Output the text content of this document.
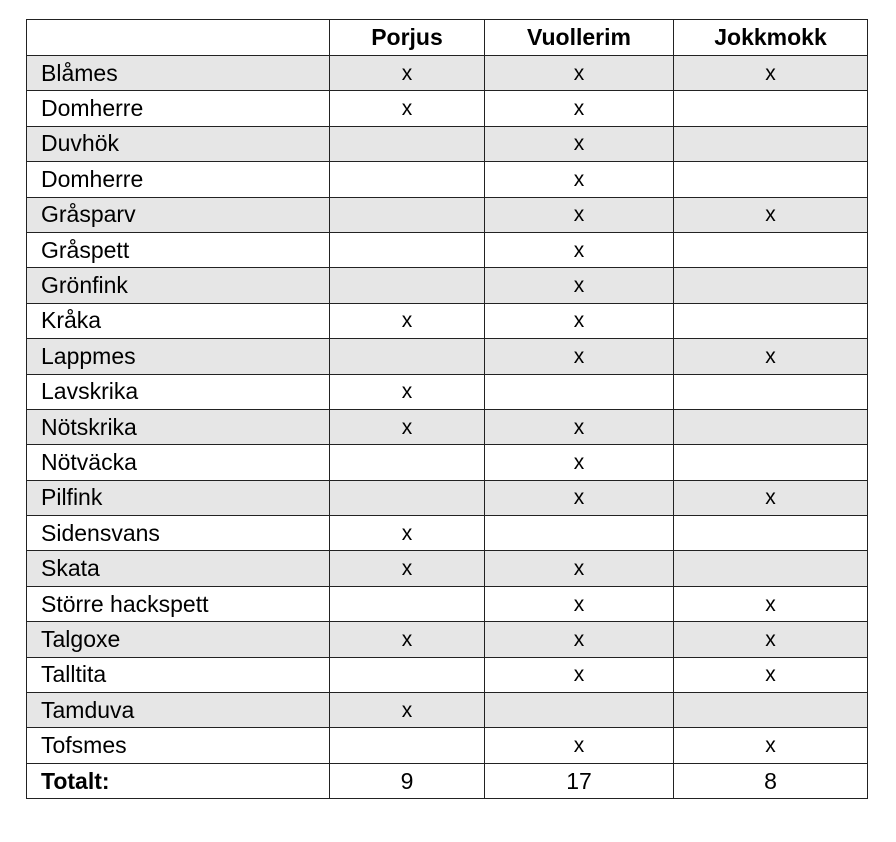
	Porjus	Vuollerim	Jokkmokk
Blåmes	x	x	x
Domherre	x	x	
Duvhök		x	
Domherre		x	
Gråsparv		x	x
Gråspett		x	
Grönfink		x	
Kråka	x	x	
Lappmes		x	x
Lavskrika	x		
Nötskrika	x	x	
Nötväcka		x	
Pilfink		x	x
Sidensvans	x		
Skata	x	x	
Större hackspett		x	x
Talgoxe	x	x	x
Talltita		x	x
Tamduva	x		
Tofsmes		x	x
Totalt:	9	17	8
